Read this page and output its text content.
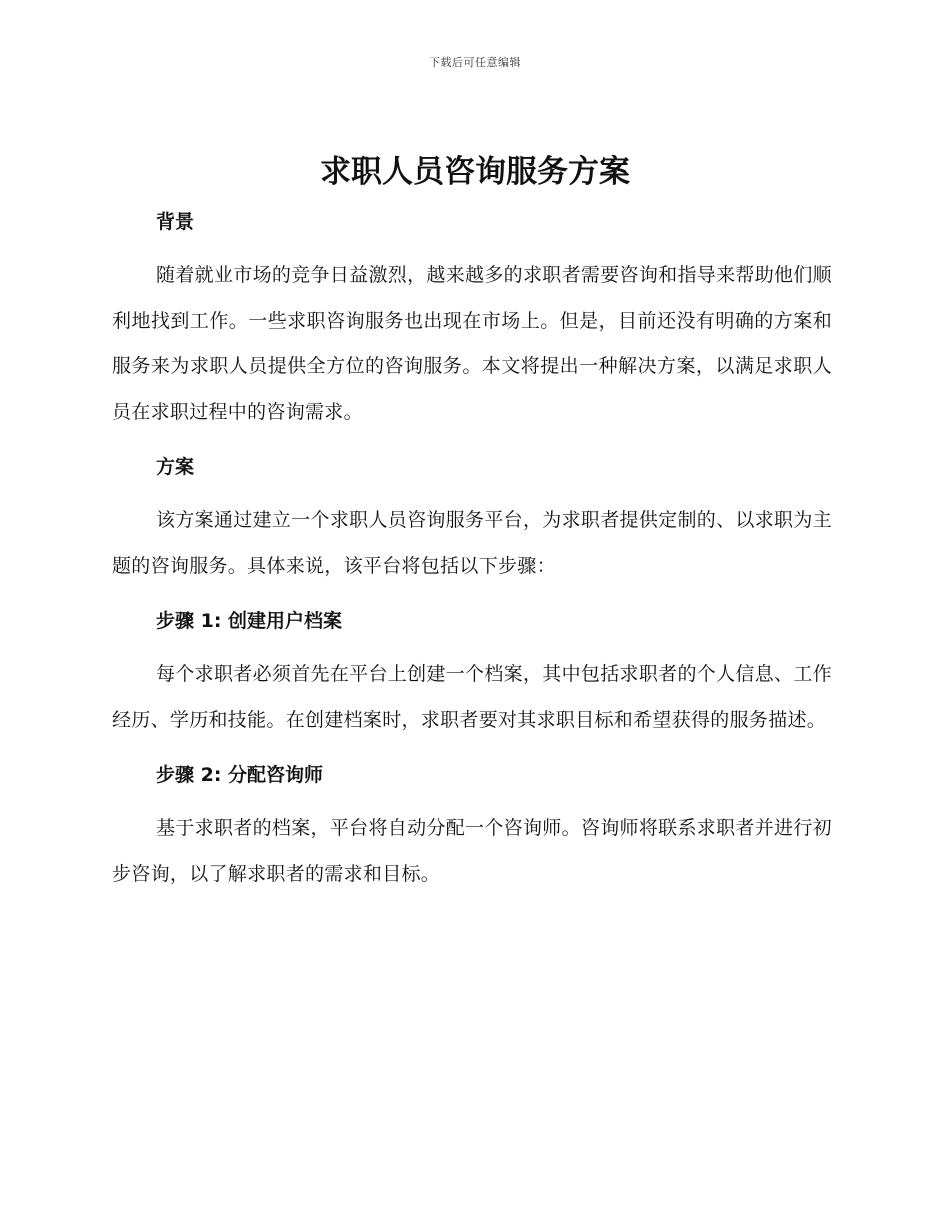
下载后可任意编辑
求职人员咨询服务方案
背景

随着就业市场的竞争日益激烈，越来越多的求职者需要咨询和指导来帮助他们顺利地找到工作。一些求职咨询服务也出现在市场上。但是，目前还没有明确的方案和服务来为求职人员提供全方位的咨询服务。本文将提出一种解决方案，以满足求职人员在求职过程中的咨询需求。

方案

该方案通过建立一个求职人员咨询服务平台，为求职者提供定制的、以求职为主题的咨询服务。具体来说，该平台将包括以下步骤：

步骤 1: 创建用户档案

每个求职者必须首先在平台上创建一个档案，其中包括求职者的个人信息、工作经历、学历和技能。在创建档案时，求职者要对其求职目标和希望获得的服务描述。

步骤 2: 分配咨询师

基于求职者的档案，平台将自动分配一个咨询师。咨询师将联系求职者并进行初步咨询，以了解求职者的需求和目标。
